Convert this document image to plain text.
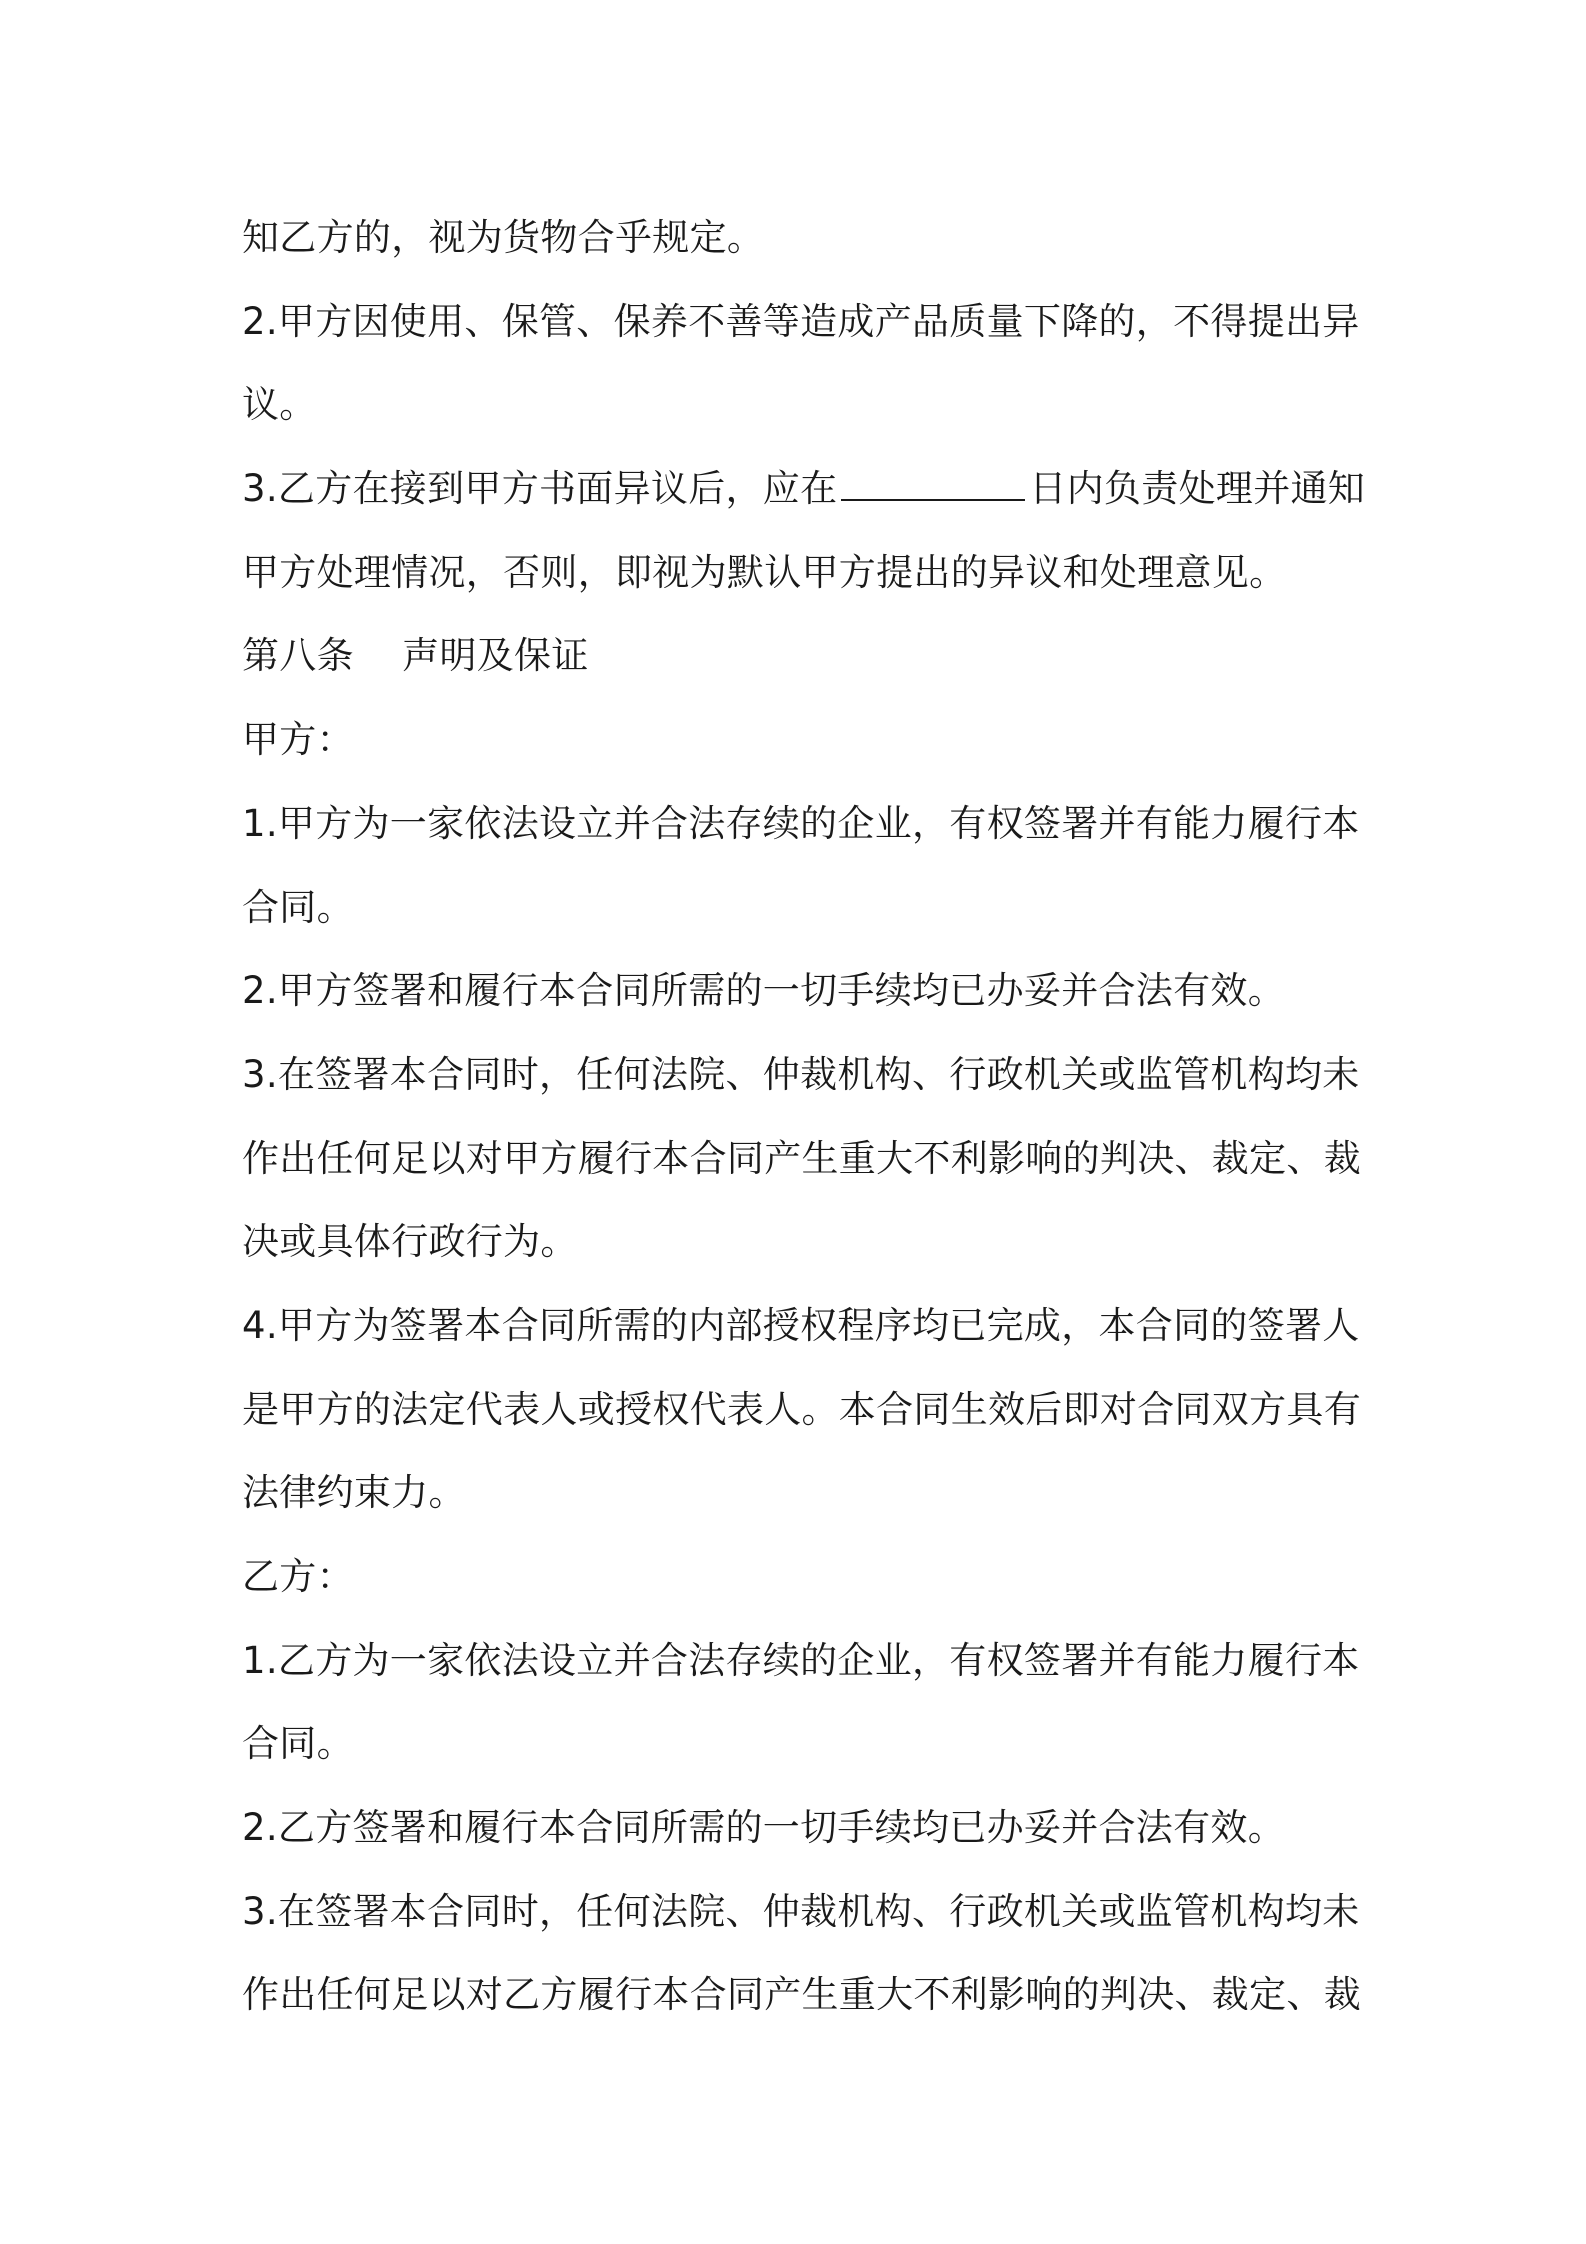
知乙方的，视为货物合乎规定。
2.甲方因使用、保管、保养不善等造成产品质量下降的，不得提出异
议。
3.乙方在接到甲方书面异议后，应在	日内负责处理并通知
甲方处理情况，否则，即视为默认甲方提出的异议和处理意见。
第八条    声明及保证
甲方：
1.甲方为一家依法设立并合法存续的企业，有权签署并有能力履行本
合同。
2.甲方签署和履行本合同所需的一切手续均已办妥并合法有效。
3.在签署本合同时，任何法院、仲裁机构、行政机关或监管机构均未
作出任何足以对甲方履行本合同产生重大不利影响的判决、裁定、裁
决或具体行政行为。
4.甲方为签署本合同所需的内部授权程序均已完成，本合同的签署人
是甲方的法定代表人或授权代表人。本合同生效后即对合同双方具有
法律约束力。
乙方：
1.乙方为一家依法设立并合法存续的企业，有权签署并有能力履行本
合同。
2.乙方签署和履行本合同所需的一切手续均已办妥并合法有效。
3.在签署本合同时，任何法院、仲裁机构、行政机关或监管机构均未
作出任何足以对乙方履行本合同产生重大不利影响的判决、裁定、裁
